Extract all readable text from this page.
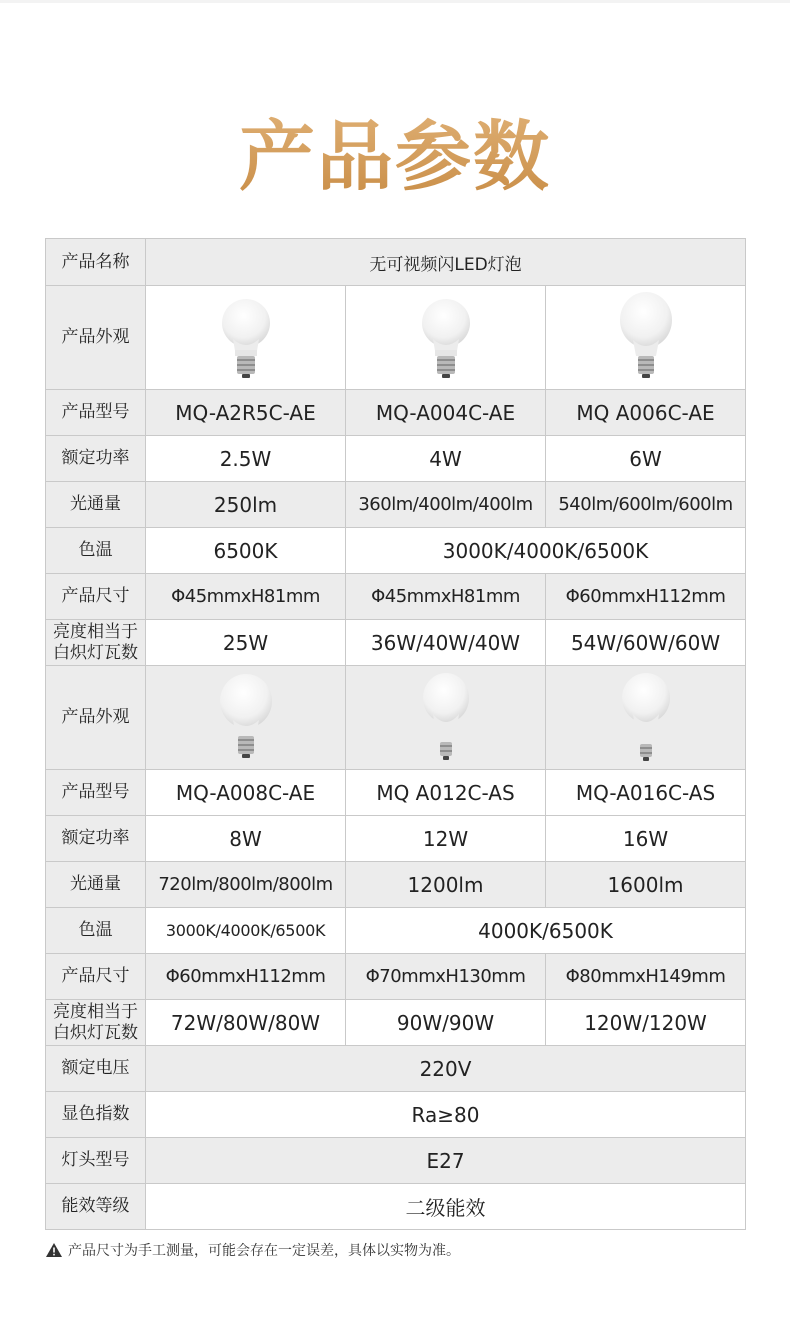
产品参数
产品名称	无可视频闪LED灯泡		
产品外观			
产品型号	MQ-A2R5C-AE	MQ-A004C-AE	MQ A006C-AE
额定功率	2.5W	4W	6W
光通量	250lm	360lm/400lm/400lm	540lm/600lm/600lm
色温	6500K	3000K/4000K/6500K	
产品尺寸	Φ45mmxH81mm	Φ45mmxH81mm	Φ60mmxH112mm
亮度相当于白炽灯瓦数	25W	36W/40W/40W	54W/60W/60W
产品外观			
产品型号	MQ-A008C-AE	MQ A012C-AS	MQ-A016C-AS
额定功率	8W	12W	16W
光通量	720lm/800lm/800lm	1200lm	1600lm
色温	3000K/4000K/6500K	4000K/6500K	
产品尺寸	Φ60mmxH112mm	Φ70mmxH130mm	Φ80mmxH149mm
亮度相当于白炽灯瓦数	72W/80W/80W	90W/90W	120W/120W
额定电压	220V		
显色指数	Ra≥80		
灯头型号	E27		
能效等级	二级能效		
产品尺寸为手工测量，可能会存在一定误差，具体以实物为准。
